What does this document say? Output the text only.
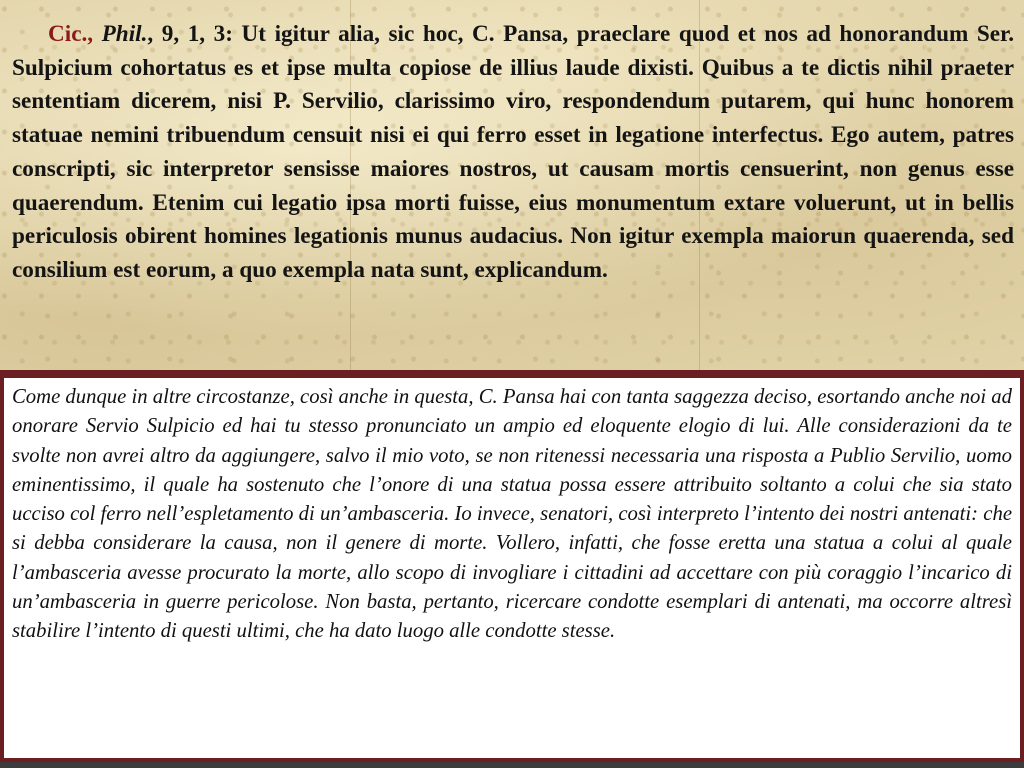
Cic., Phil., 9, 1, 3: Ut igitur alia, sic hoc, C. Pansa, praeclare quod et nos ad honorandum Ser. Sulpicium cohortatus es et ipse multa copiose de illius laude dixisti. Quibus a te dictis nihil praeter sententiam dicerem, nisi P. Servilio, clarissimo viro, respondendum putarem, qui hunc honorem statuae nemini tribuendum censuit nisi ei qui ferro esset in legatione interfectus. Ego autem, patres conscripti, sic interpretor sensisse maiores nostros, ut causam mortis censuerint, non genus esse quaerendum. Etenim cui legatio ipsa morti fuisse, eius monumentum extare voluerunt, ut in bellis periculosis obirent homines legationis munus audacius. Non igitur exempla maiorun quaerenda, sed consilium est eorum, a quo exempla nata sunt, explicandum.

Come dunque in altre circostanze, così anche in questa, C. Pansa hai con tanta saggezza deciso, esortando anche noi ad onorare Servio Sulpicio ed hai tu stesso pronunciato un ampio ed eloquente elogio di lui. Alle considerazioni da te svolte non avrei altro da aggiungere, salvo il mio voto, se non ritenessi necessaria una risposta a Publio Servilio, uomo eminentissimo, il quale ha sostenuto che l’onore di una statua possa essere attribuito soltanto a colui che sia stato ucciso col ferro nell’espletamento di un’ambasceria. Io invece, senatori, così interpreto l’intento dei nostri antenati: che si debba considerare la causa, non il genere di morte. Vollero, infatti, che fosse eretta una statua a colui al quale l’ambasceria avesse procurato la morte, allo scopo di invogliare i cittadini ad accettare con più coraggio l’incarico di un’ambasceria in guerre pericolose. Non basta, pertanto, ricercare condotte esemplari di antenati, ma occorre altresì stabilire l’intento di questi ultimi, che ha dato luogo alle condotte stesse.
